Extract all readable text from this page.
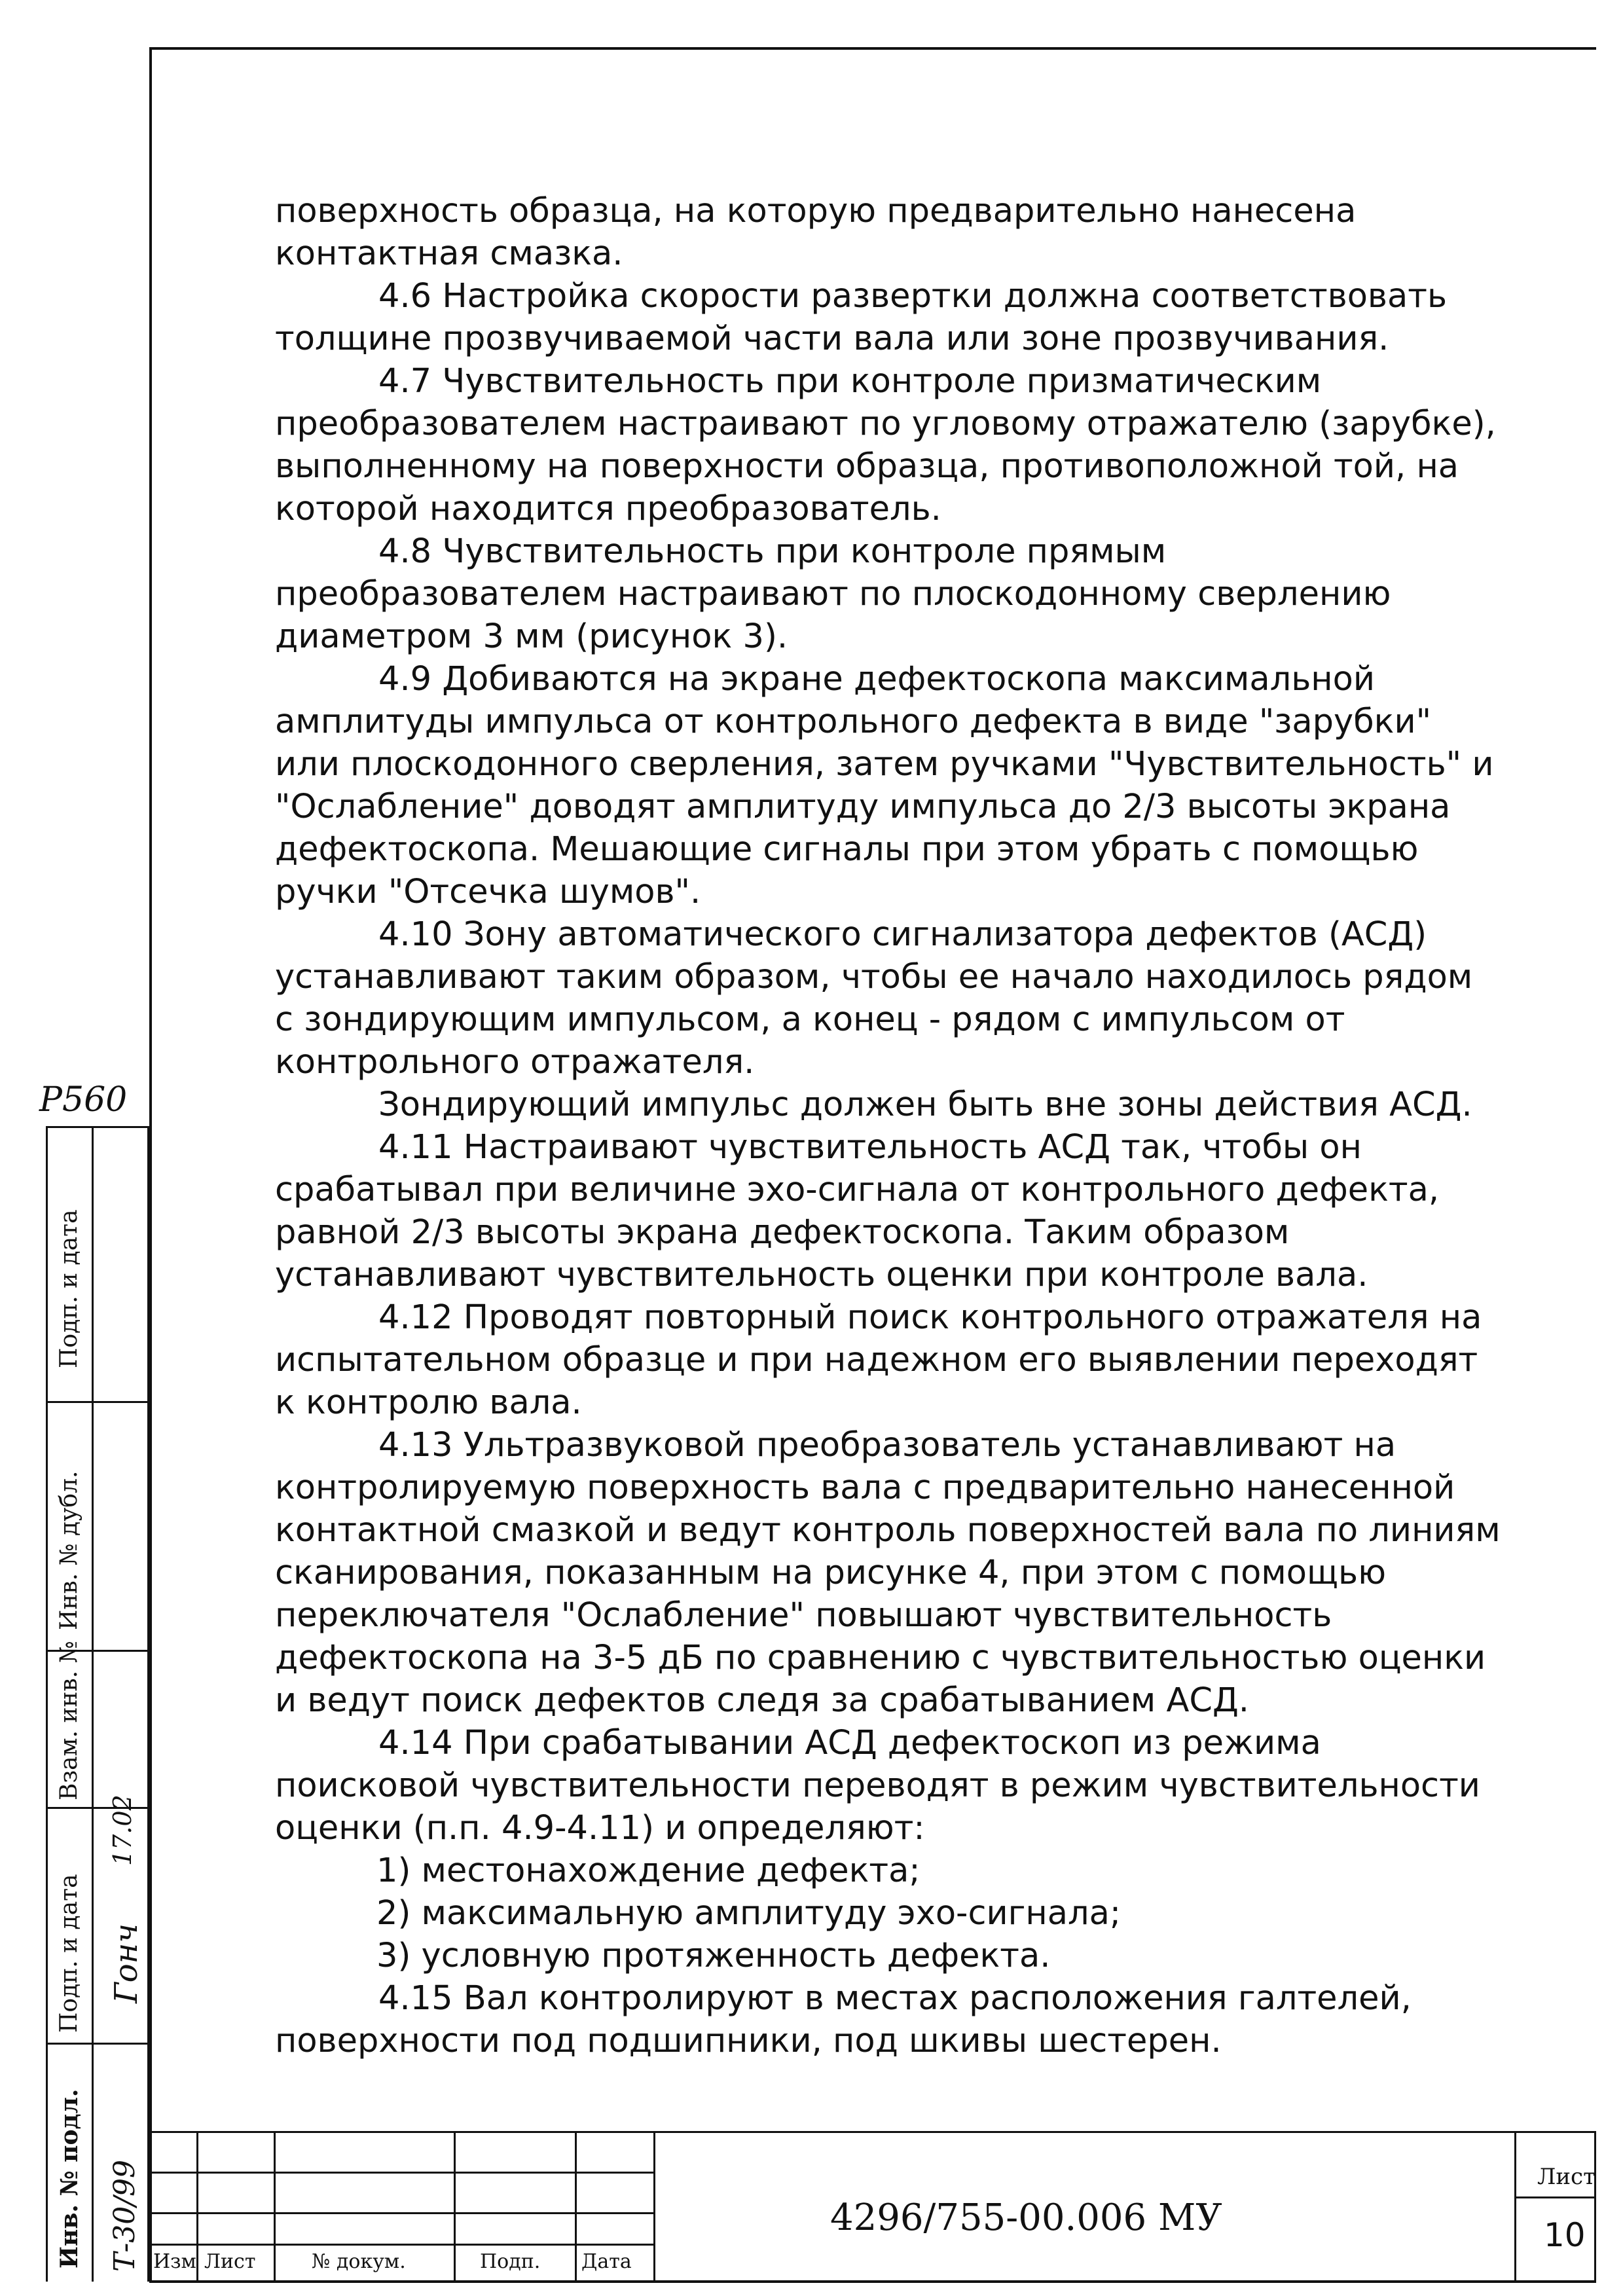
поверхность образца, на которую предварительно нанесена

контактная смазка.

4.6 Настройка скорости развертки должна соответствовать

толщине прозвучиваемой части вала или зоне прозвучивания.

4.7 Чувствительность при контроле призматическим

преобразователем настраивают по угловому отражателю (зарубке),

выполненному на поверхности образца, противоположной той, на

которой находится преобразователь.

4.8 Чувствительность при контроле прямым

преобразователем настраивают по плоскодонному сверлению

диаметром 3 мм (рисунок 3).

4.9 Добиваются на экране дефектоскопа максимальной

амплитуды импульса от контрольного дефекта в виде "зарубки"

или плоскодонного сверления, затем ручками "Чувствительность" и

"Ослабление" доводят амплитуду импульса до 2/3 высоты экрана

дефектоскопа. Мешающие сигналы при этом убрать с помощью

ручки "Отсечка шумов".

4.10 Зону автоматического сигнализатора дефектов (АСД)

устанавливают таким образом, чтобы ее начало находилось рядом

с зондирующим импульсом, а конец - рядом с импульсом от

контрольного отражателя.

Зондирующий импульс должен быть вне зоны действия АСД.

4.11 Настраивают чувствительность АСД так, чтобы он

срабатывал при величине эхо-сигнала от контрольного дефекта,

равной 2/3 высоты экрана дефектоскопа. Таким образом

устанавливают чувствительность оценки при контроле вала.

4.12 Проводят повторный поиск контрольного отражателя на

испытательном образце и при надежном его выявлении переходят

к контролю вала.

4.13 Ультразвуковой преобразователь устанавливают на

контролируемую поверхность вала с предварительно нанесенной

контактной смазкой и ведут контроль поверхностей вала по линиям

сканирования, показанным на рисунке 4, при этом с помощью

переключателя "Ослабление" повышают чувствительность

дефектоскопа на 3-5 дБ по сравнению с чувствительностью оценки

и ведут поиск дефектов следя за срабатыванием АСД.

4.14 При срабатывании АСД дефектоскоп из режима

поисковой чувствительности переводят в режим чувствительности

оценки (п.п. 4.9-4.11) и определяют:

1) местонахождение дефекта;

2) максимальную амплитуду эхо-сигнала;

3) условную протяженность дефекта.

4.15 Вал контролируют в местах расположения галтелей,

поверхности под подшипники, под шкивы шестерен.

P560
Подп. и дата
Инв. № дубл.
Взам. инв. №
Подп. и дата
Инв. № подл. Т-30/99
Гонч
17.02
Изм Лист	№ докум.	Подп. Дата
4296/755-00.006 МУ
Лист
10
